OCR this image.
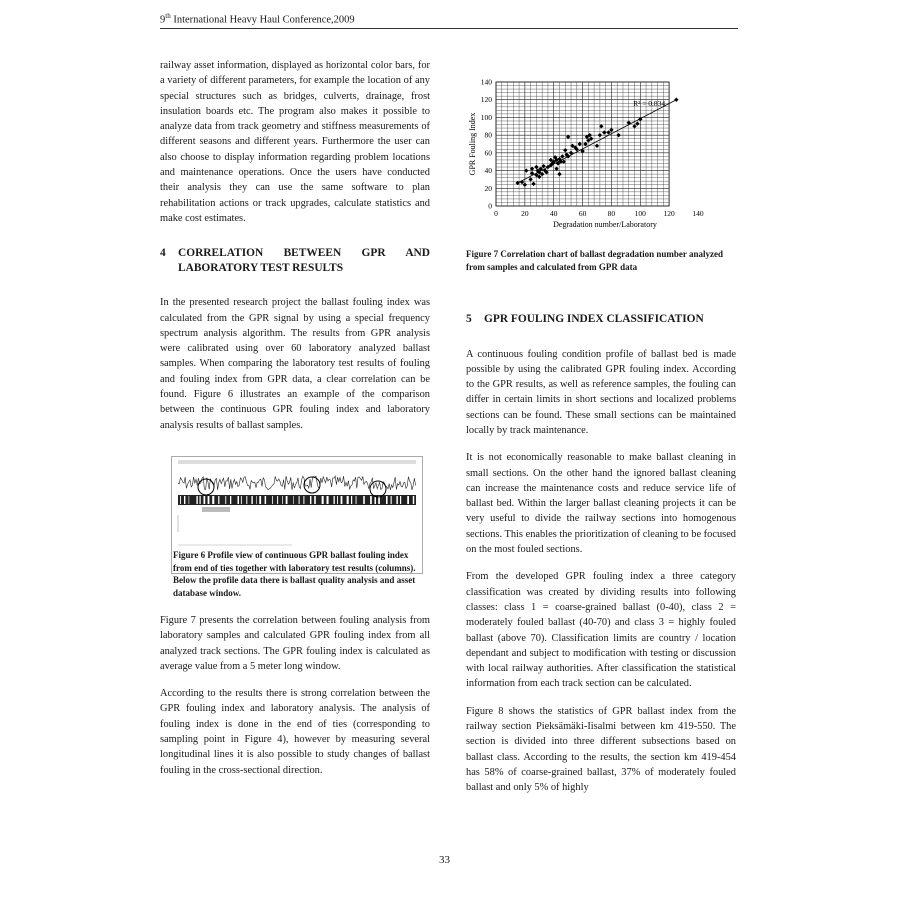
9th International Heavy Haul Conference,2009

railway asset information, displayed as horizontal color bars, for a variety of different parameters, for example the location of any special structures such as bridges, culverts, drainage, frost insulation boards etc. The program also makes it possible to analyze data from track geometry and stiffness measurements of different seasons and different years. Furthermore the user can also choose to display information regarding problem locations and maintenance operations. Once the users have conducted their analysis they can use the same software to plan rehabilitation actions or track upgrades, calculate statistics and make cost estimates.

4 CORRELATION BETWEEN GPR AND LABORATORY TEST RESULTS

In the presented research project the ballast fouling index was calculated from the GPR signal by using a special frequency spectrum analysis algorithm. The results from GPR analysis were calibrated using over 60 laboratory analyzed ballast samples. When comparing the laboratory test results of fouling and fouling index from GPR data, a clear correlation can be found. Figure 6 illustrates an example of the comparison between the continuous GPR fouling index and laboratory analysis results of ballast samples.

Figure 6 Profile view of continuous GPR ballast fouling index from end of ties together with laboratory test results (columns). Below the profile data there is ballast quality analysis and asset database window.

Figure 7 presents the correlation between fouling analysis from laboratory samples and calculated GPR fouling index from all analyzed track sections. The GPR fouling index is calculated as average value from a 5 meter long window.

According to the results there is strong correlation between the GPR fouling index and laboratory analysis. The analysis of fouling index is done in the end of ties (corresponding to sampling point in Figure 4), however by measuring several longitudinal lines it is also possible to study changes of ballast fouling in the cross-sectional direction.

0	20	40	60	80	100 120 140
0
20
40
60
80
100
120
140
Degradation number/Laboratory
GPR Fouling Index
R² = 0.834
Figure 7 Correlation chart of ballast degradation number analyzed from samples and calculated from GPR data
5 GPR FOULING INDEX CLASSIFICATION

A continuous fouling condition profile of ballast bed is made possible by using the calibrated GPR fouling index. According to the GPR results, as well as reference samples, the fouling can differ in certain limits in short sections and localized problems sections can be found. These small sections can be maintained locally by track maintenance.

It is not economically reasonable to make ballast cleaning in small sections. On the other hand the ignored ballast cleaning can increase the maintenance costs and reduce service life of ballast bed. Within the larger ballast cleaning projects it can be very useful to divide the railway sections into homogenous sections. This enables the prioritization of cleaning to be focused on the most fouled sections.

From the developed GPR fouling index a three category classification was created by dividing results into following classes: class 1 = coarse-grained ballast (0-40), class 2 = moderately fouled ballast (40-70) and class 3 = highly fouled ballast (above 70). Classification limits are country / location dependant and subject to modification with testing or discussion with local railway authorities. After classification the statistical information from each track section can be calculated.

Figure 8 shows the statistics of GPR ballast index from the railway section Pieksämäki-Iisalmi between km 419-550. The section is divided into three different subsections based on ballast class. According to the results, the section km 419-454 has 58% of coarse-grained ballast, 37% of moderately fouled ballast and only 5% of highly

33
